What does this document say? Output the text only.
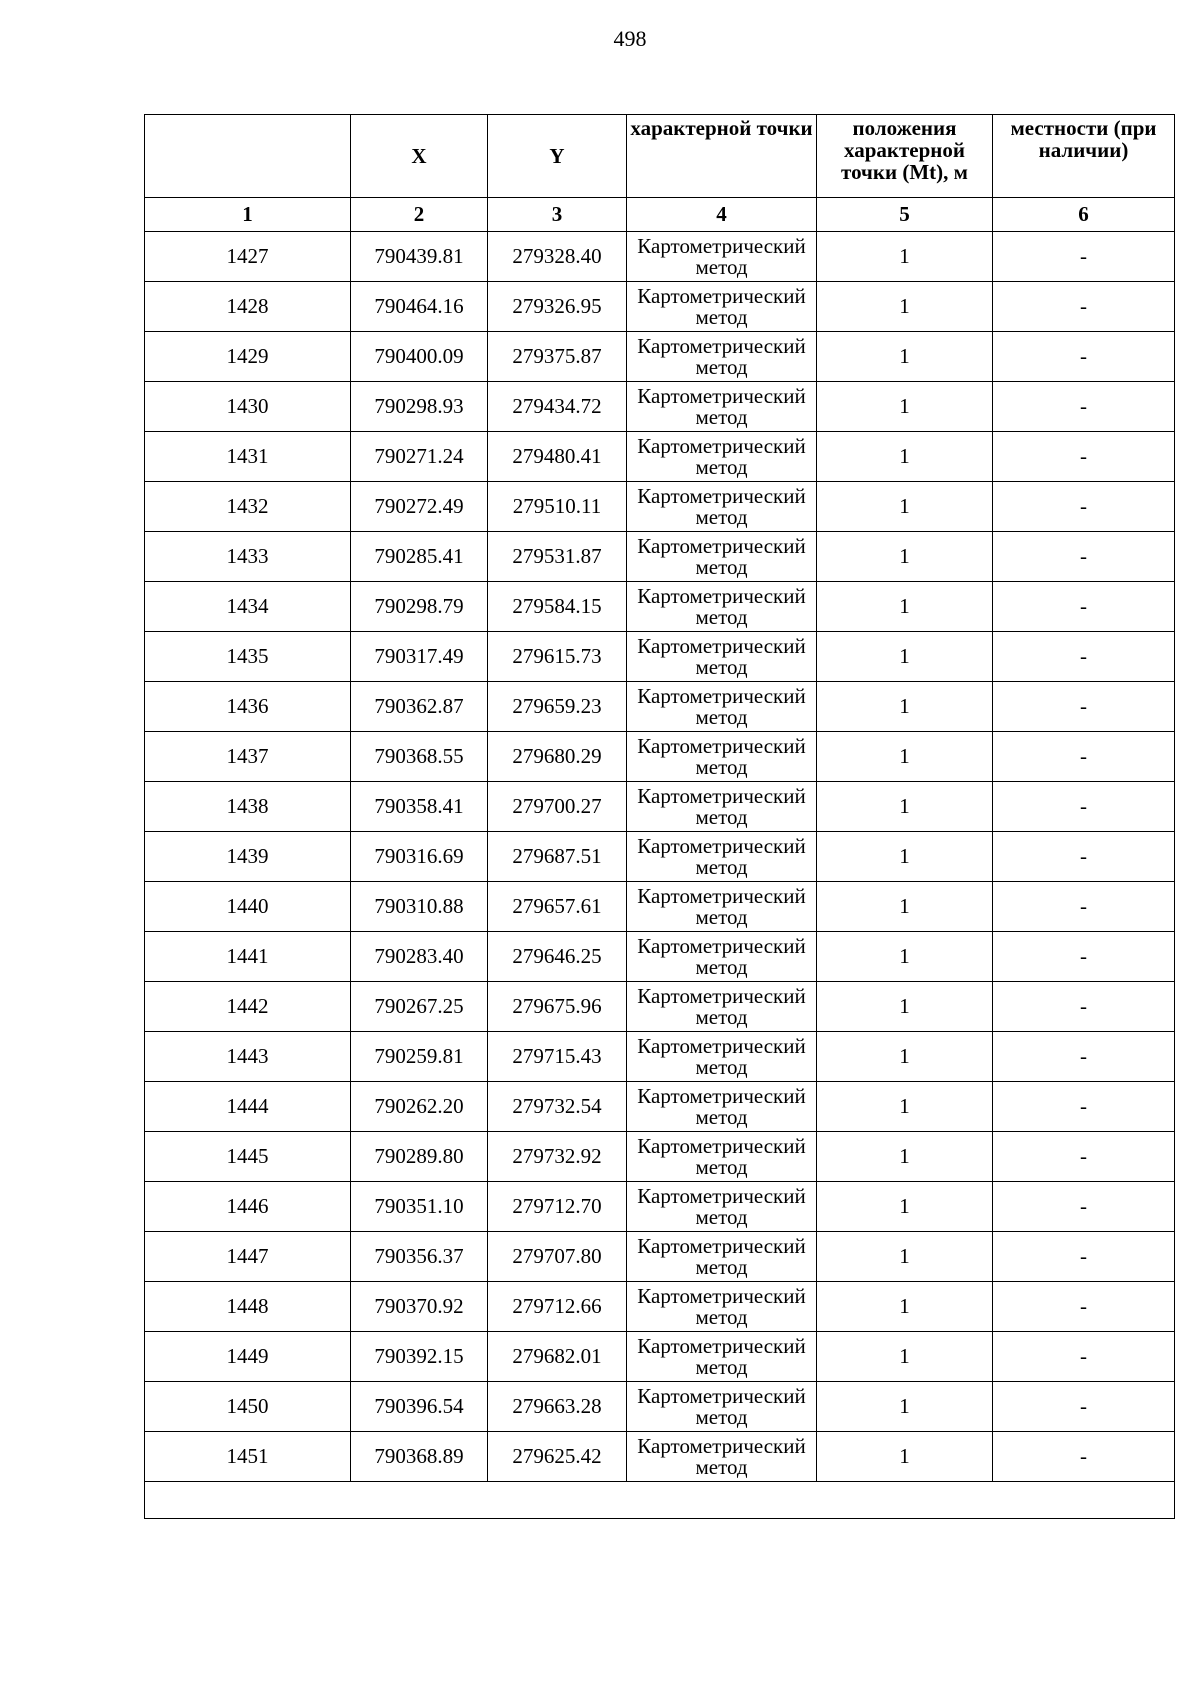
498
	X	Y	характерной точки	положения характерной точки (Mt), м	местности (при наличии)
1	2	3	4	5	6
1427	790439.81	279328.40	Картометрический метод	1	-
1428	790464.16	279326.95	Картометрический метод	1	-
1429	790400.09	279375.87	Картометрический метод	1	-
1430	790298.93	279434.72	Картометрический метод	1	-
1431	790271.24	279480.41	Картометрический метод	1	-
1432	790272.49	279510.11	Картометрический метод	1	-
1433	790285.41	279531.87	Картометрический метод	1	-
1434	790298.79	279584.15	Картометрический метод	1	-
1435	790317.49	279615.73	Картометрический метод	1	-
1436	790362.87	279659.23	Картометрический метод	1	-
1437	790368.55	279680.29	Картометрический метод	1	-
1438	790358.41	279700.27	Картометрический метод	1	-
1439	790316.69	279687.51	Картометрический метод	1	-
1440	790310.88	279657.61	Картометрический метод	1	-
1441	790283.40	279646.25	Картометрический метод	1	-
1442	790267.25	279675.96	Картометрический метод	1	-
1443	790259.81	279715.43	Картометрический метод	1	-
1444	790262.20	279732.54	Картометрический метод	1	-
1445	790289.80	279732.92	Картометрический метод	1	-
1446	790351.10	279712.70	Картометрический метод	1	-
1447	790356.37	279707.80	Картометрический метод	1	-
1448	790370.92	279712.66	Картометрический метод	1	-
1449	790392.15	279682.01	Картометрический метод	1	-
1450	790396.54	279663.28	Картометрический метод	1	-
1451	790368.89	279625.42	Картометрический метод	1	-
